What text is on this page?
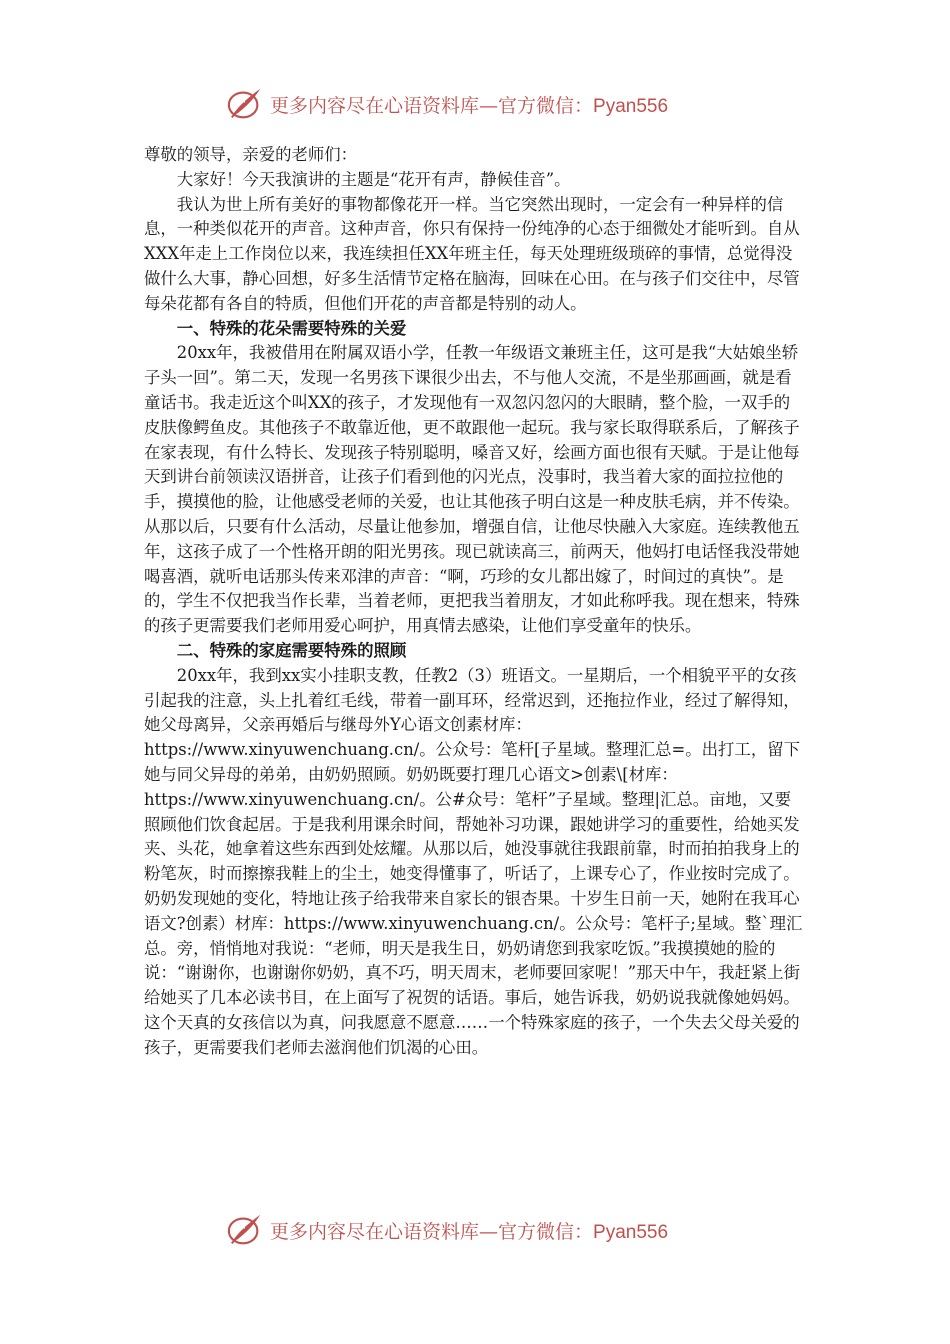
更多内容尽在心语资料库—官方微信：Pyan556

尊敬的领导，亲爱的老师们：

大家好！今天我演讲的主题是“花开有声，静候佳音”。

我认为世上所有美好的事物都像花开一样。当它突然出现时，一定会有一种异样的信息，一种类似花开的声音。这种声音，你只有保持一份纯净的心态于细微处才能听到。自从XXX年走上工作岗位以来，我连续担任XX年班主任，每天处理班级琐碎的事情，总觉得没做什么大事，静心回想，好多生活情节定格在脑海，回味在心田。在与孩子们交往中，尽管每朵花都有各自的特质，但他们开花的声音都是特别的动人。

一、特殊的花朵需要特殊的关爱

20xx年，我被借用在附属双语小学，任教一年级语文兼班主任，这可是我“大姑娘坐轿子头一回”。第二天，发现一名男孩下课很少出去，不与他人交流，不是坐那画画，就是看童话书。我走近这个叫XX的孩子，才发现他有一双忽闪忽闪的大眼睛，整个脸，一双手的皮肤像鳄鱼皮。其他孩子不敢靠近他，更不敢跟他一起玩。我与家长取得联系后，了解孩子在家表现，有什么特长、发现孩子特别聪明，嗓音又好，绘画方面也很有天赋。于是让他每天到讲台前领读汉语拼音，让孩子们看到他的闪光点，没事时，我当着大家的面拉拉他的手，摸摸他的脸，让他感受老师的关爱，也让其他孩子明白这是一种皮肤毛病，并不传染。从那以后，只要有什么活动，尽量让他参加，增强自信，让他尽快融入大家庭。连续教他五年，这孩子成了一个性格开朗的阳光男孩。现已就读高三，前两天，他妈打电话怪我没带她喝喜酒，就听电话那头传来邓津的声音：“啊，巧珍的女儿都出嫁了，时间过的真快”。是的，学生不仅把我当作长辈，当着老师，更把我当着朋友，才如此称呼我。现在想来，特殊的孩子更需要我们老师用爱心呵护，用真情去感染，让他们享受童年的快乐。

二、特殊的家庭需要特殊的照顾

20xx年，我到xx实小挂职支教，任教2（3）班语文。一星期后，一个相貌平平的女孩引起我的注意，头上扎着红毛线，带着一副耳环，经常迟到，还拖拉作业，经过了解得知，她父母离异，父亲再婚后与继母外Y心语文创素材库：https://www.xinyuwenchuang.cn/。公众号：笔杆[子星域。整理汇总=。出打工，留下她与同父异母的弟弟，由奶奶照顾。奶奶既要打理几心语文>创素\[材库：https://www.xinyuwenchuang.cn/。公#众号：笔杆”子星域。整理|汇总。亩地，又要照顾他们饮食起居。于是我利用课余时间，帮她补习功课，跟她讲学习的重要性，给她买发夹、头花，她拿着这些东西到处炫耀。从那以后，她没事就往我跟前靠，时而拍拍我身上的粉笔灰，时而擦擦我鞋上的尘土，她变得懂事了，听话了，上课专心了，作业按时完成了。奶奶发现她的变化，特地让孩子给我带来自家长的银杏果。十岁生日前一天，她附在我耳心语文?创素）材库：https://www.xinyuwenchuang.cn/。公众号：笔杆子;星域。整`理汇总。旁，悄悄地对我说：“老师，明天是我生日，奶奶请您到我家吃饭。”我摸摸她的脸的说：“谢谢你，也谢谢你奶奶，真不巧，明天周末，老师要回家呢！”那天中午，我赶紧上街给她买了几本必读书目，在上面写了祝贺的话语。事后，她告诉我，奶奶说我就像她妈妈。这个天真的女孩信以为真，问我愿意不愿意……一个特殊家庭的孩子，一个失去父母关爱的孩子，更需要我们老师去滋润他们饥渴的心田。

更多内容尽在心语资料库—官方微信：Pyan556
